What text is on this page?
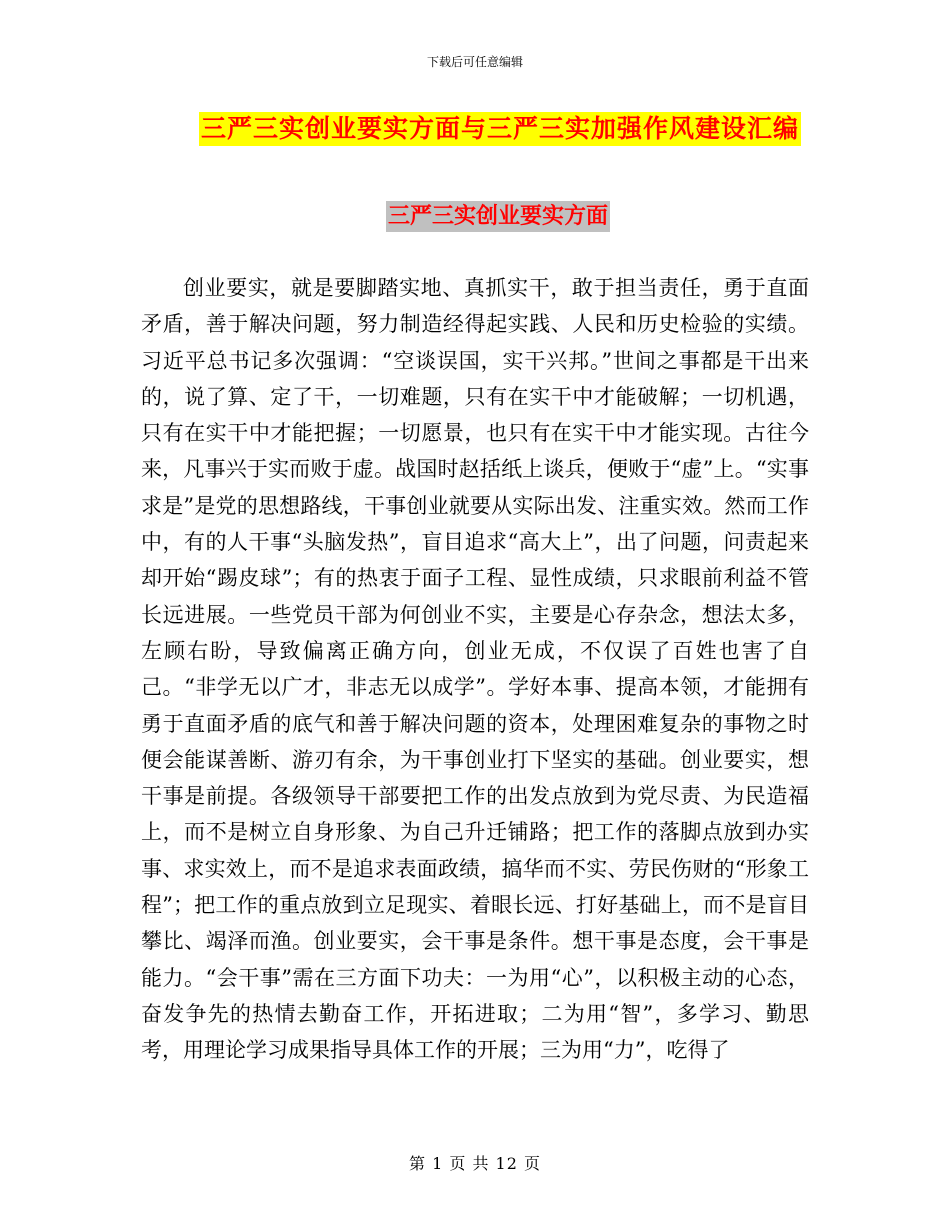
下载后可任意编辑
三严三实创业要实方面与三严三实加强作风建设汇编
三严三实创业要实方面

创业要实，就是要脚踏实地、真抓实干，敢于担当责任，勇于直面矛盾，善于解决问题，努力制造经得起实践、人民和历史检验的实绩。习近平总书记多次强调：“空谈误国，实干兴邦。”世间之事都是干出来的，说了算、定了干，一切难题，只有在实干中才能破解；一切机遇，只有在实干中才能把握；一切愿景，也只有在实干中才能实现。古往今来，凡事兴于实而败于虚。战国时赵括纸上谈兵，便败于“虚”上。“实事求是”是党的思想路线，干事创业就要从实际出发、注重实效。然而工作中，有的人干事“头脑发热”，盲目追求“高大上”，出了问题，问责起来却开始“踢皮球”；有的热衷于面子工程、显性成绩，只求眼前利益不管长远进展。一些党员干部为何创业不实，主要是心存杂念，想法太多，左顾右盼，导致偏离正确方向，创业无成，不仅误了百姓也害了自己。“非学无以广才，非志无以成学”。学好本事、提高本领，才能拥有勇于直面矛盾的底气和善于解决问题的资本，处理困难复杂的事物之时便会能谋善断、游刃有余，为干事创业打下坚实的基础。创业要实，想干事是前提。各级领导干部要把工作的出发点放到为党尽责、为民造福上，而不是树立自身形象、为自己升迁铺路；把工作的落脚点放到办实事、求实效上，而不是追求表面政绩，搞华而不实、劳民伤财的“形象工程”；把工作的重点放到立足现实、着眼长远、打好基础上，而不是盲目攀比、竭泽而渔。创业要实，会干事是条件。想干事是态度，会干事是能力。“会干事”需在三方面下功夫：一为用“心”，以积极主动的心态，奋发争先的热情去勤奋工作，开拓进取；二为用“智”，多学习、勤思考，用理论学习成果指导具体工作的开展；三为用“力”，吃得了

第 1 页 共 12 页
